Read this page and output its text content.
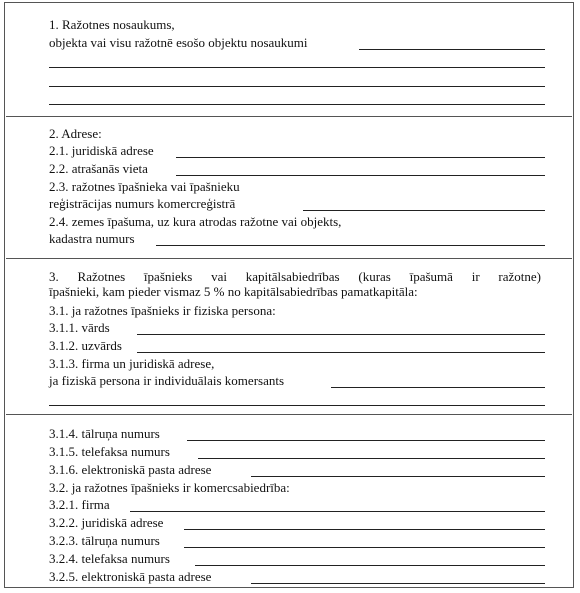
1. Ražotnes nosaukums,
objekta vai visu ražotnē esošo objektu nosaukumi
2. Adrese:
2.1. juridiskā adrese
2.2. atrašanās vieta
2.3. ražotnes īpašnieka vai īpašnieku
reģistrācijas numurs komercreģistrā
2.4. zemes īpašuma, uz kura atrodas ražotne vai objekts,
kadastra numurs
3. Ražotnes īpašnieks vai kapitālsabiedrības (kuras īpašumā ir ražotne)
īpašnieki, kam pieder vismaz 5 % no kapitālsabiedrības pamatkapitāla:
3.1. ja ražotnes īpašnieks ir fiziska persona:
3.1.1. vārds
3.1.2. uzvārds
3.1.3. firma un juridiskā adrese,
ja fiziskā persona ir individuālais komersants
3.1.4. tālruņa numurs
3.1.5. telefaksa numurs
3.1.6. elektroniskā pasta adrese
3.2. ja ražotnes īpašnieks ir komercsabiedrība:
3.2.1. firma
3.2.2. juridiskā adrese
3.2.3. tālruņa numurs
3.2.4. telefaksa numurs
3.2.5. elektroniskā pasta adrese
